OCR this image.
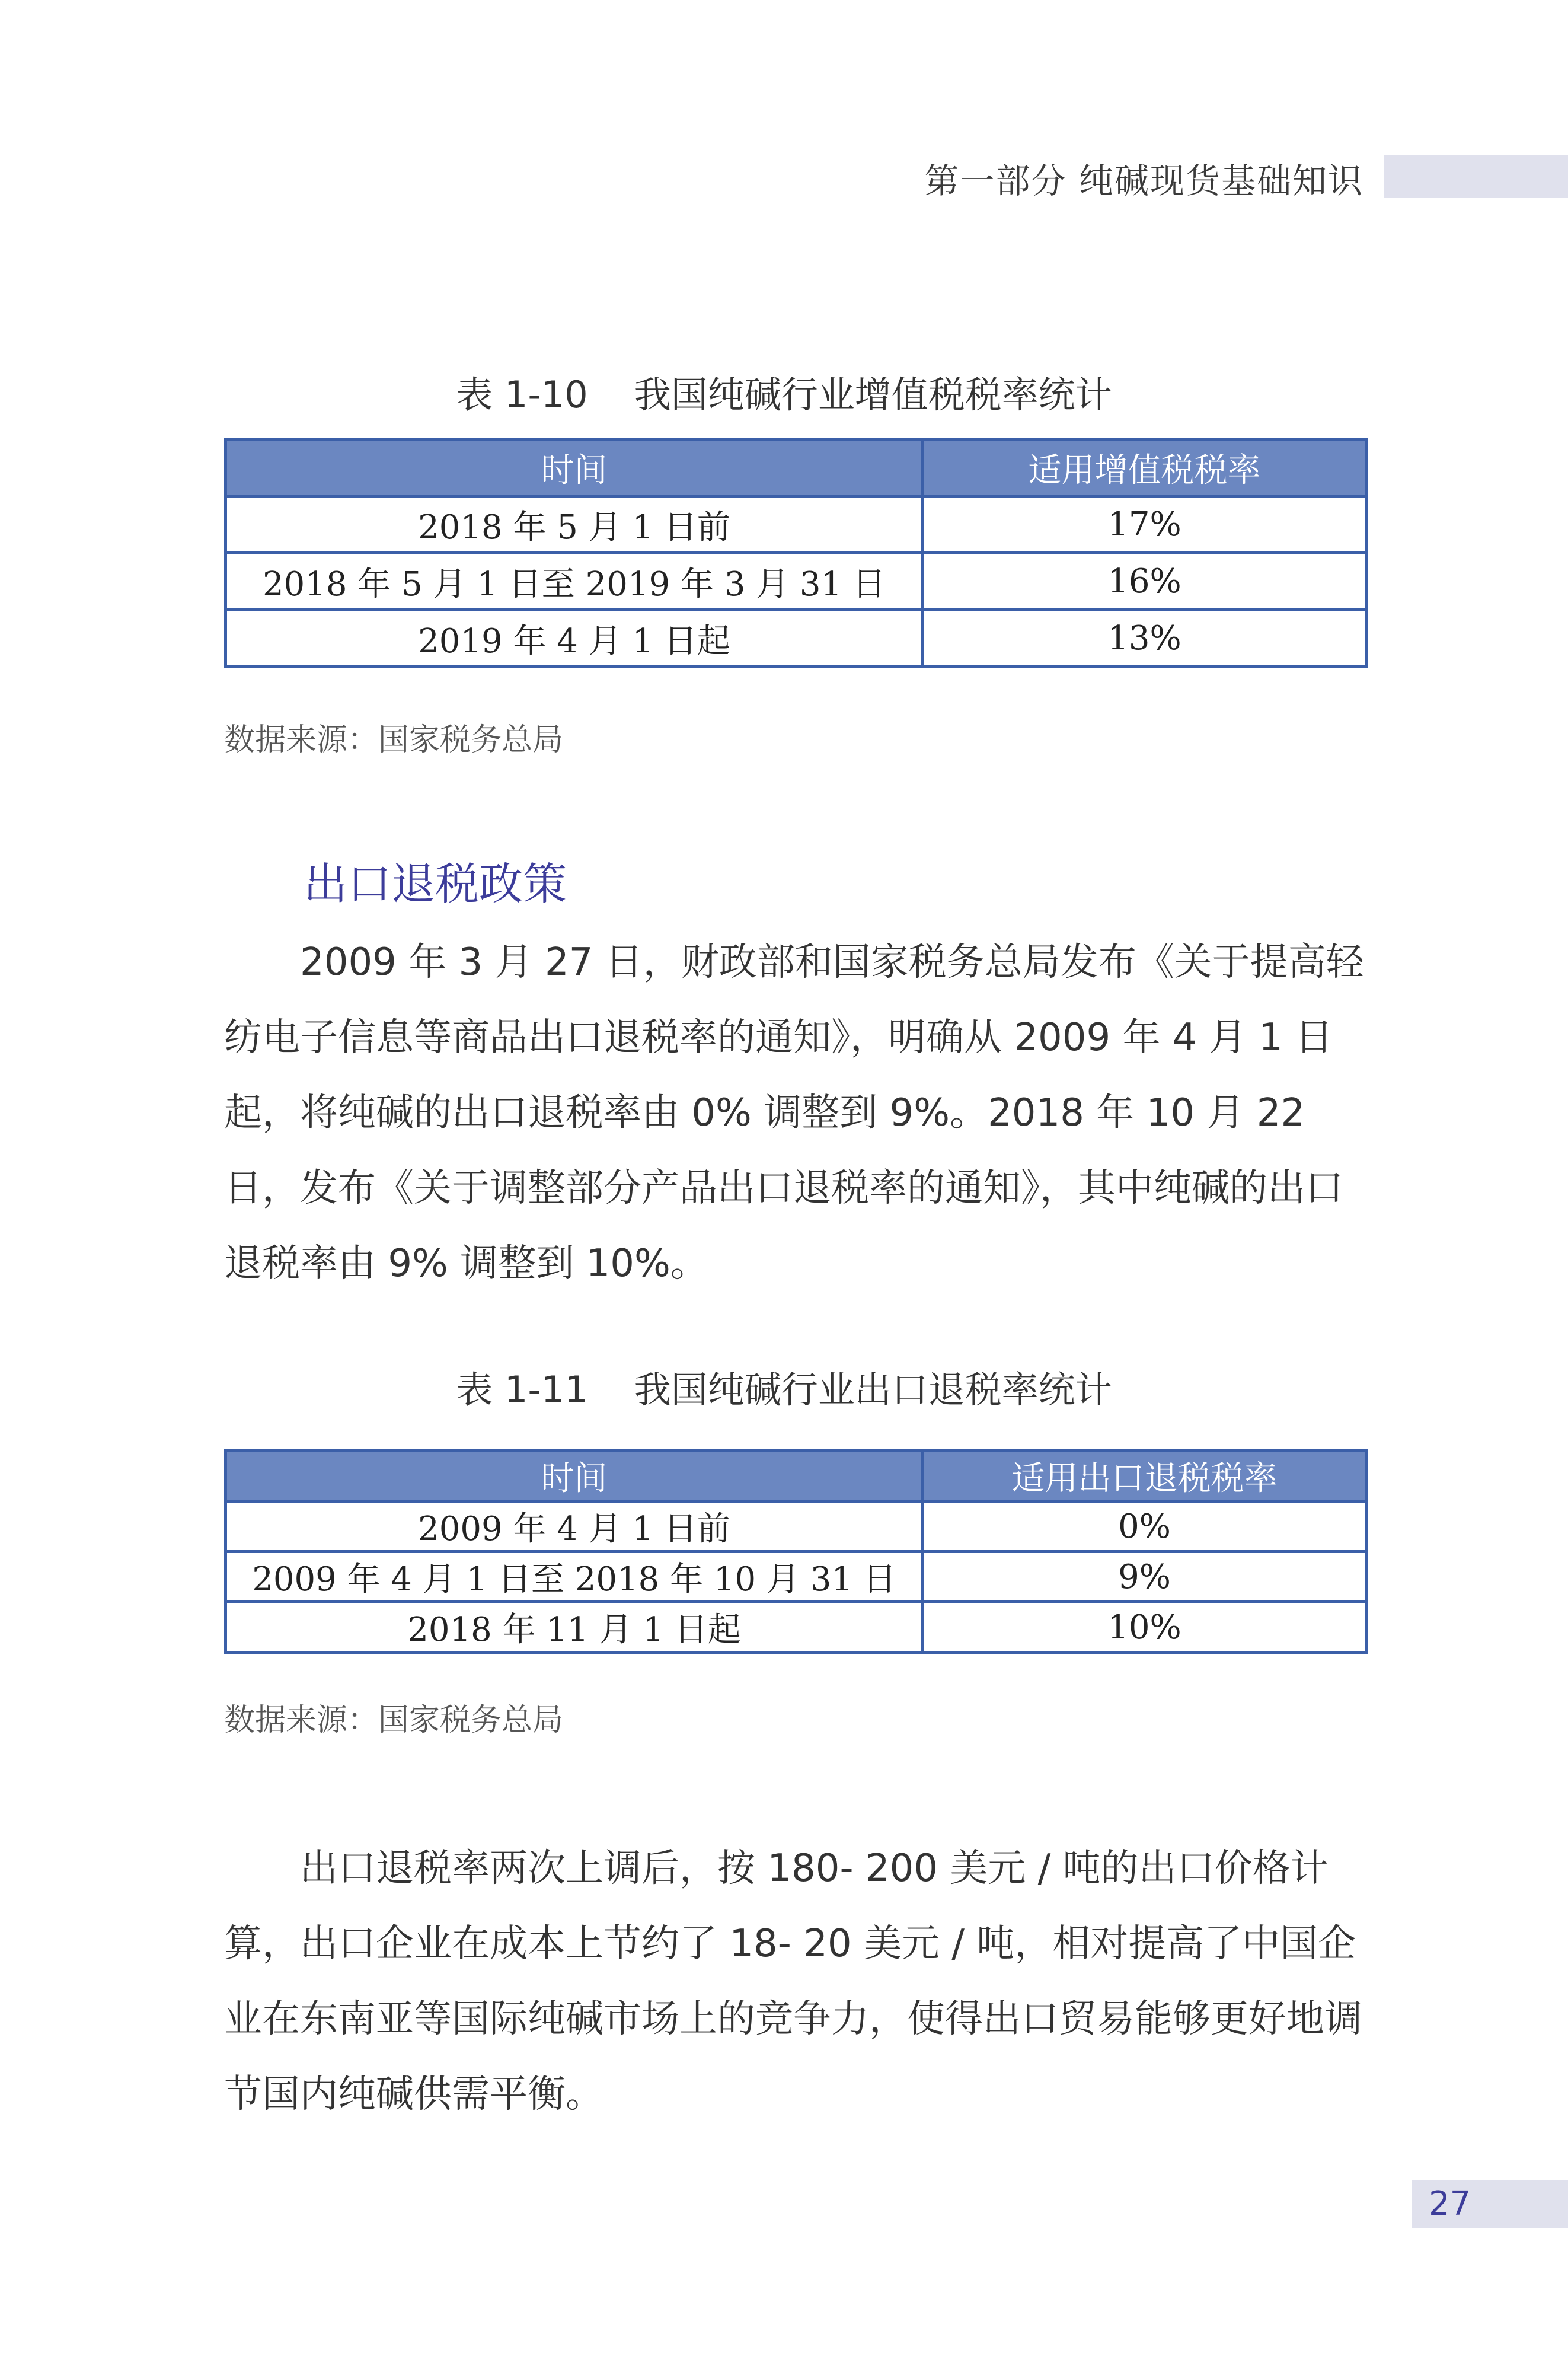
第一部分 纯碱现货基础知识
表 1-10 我国纯碱行业增值税税率统计
时间	适用增值税税率
2018 年 5 月 1 日前	17%
2018 年 5 月 1 日至 2019 年 3 月 31 日	16%
2019 年 4 月 1 日起	13%
数据来源：国家税务总局
出口退税政策

2009 年 3 月 27 日，财政部和国家税务总局发布《关于提高轻纺电子信息等商品出口退税率的通知》，明确从 2009 年 4 月 1 日起，将纯碱的出口退税率由 0% 调整到 9%。2018 年 10 月 22 日，发布《关于调整部分产品出口退税率的通知》，其中纯碱的出口退税率由 9% 调整到 10%。

表 1-11 我国纯碱行业出口退税率统计
时间	适用出口退税税率
2009 年 4 月 1 日前	0%
2009 年 4 月 1 日至 2018 年 10 月 31 日	9%
2018 年 11 月 1 日起	10%
数据来源：国家税务总局

出口退税率两次上调后，按 180- 200 美元 / 吨的出口价格计算，出口企业在成本上节约了 18- 20 美元 / 吨，相对提高了中国企业在东南亚等国际纯碱市场上的竞争力，使得出口贸易能够更好地调节国内纯碱供需平衡。

27
